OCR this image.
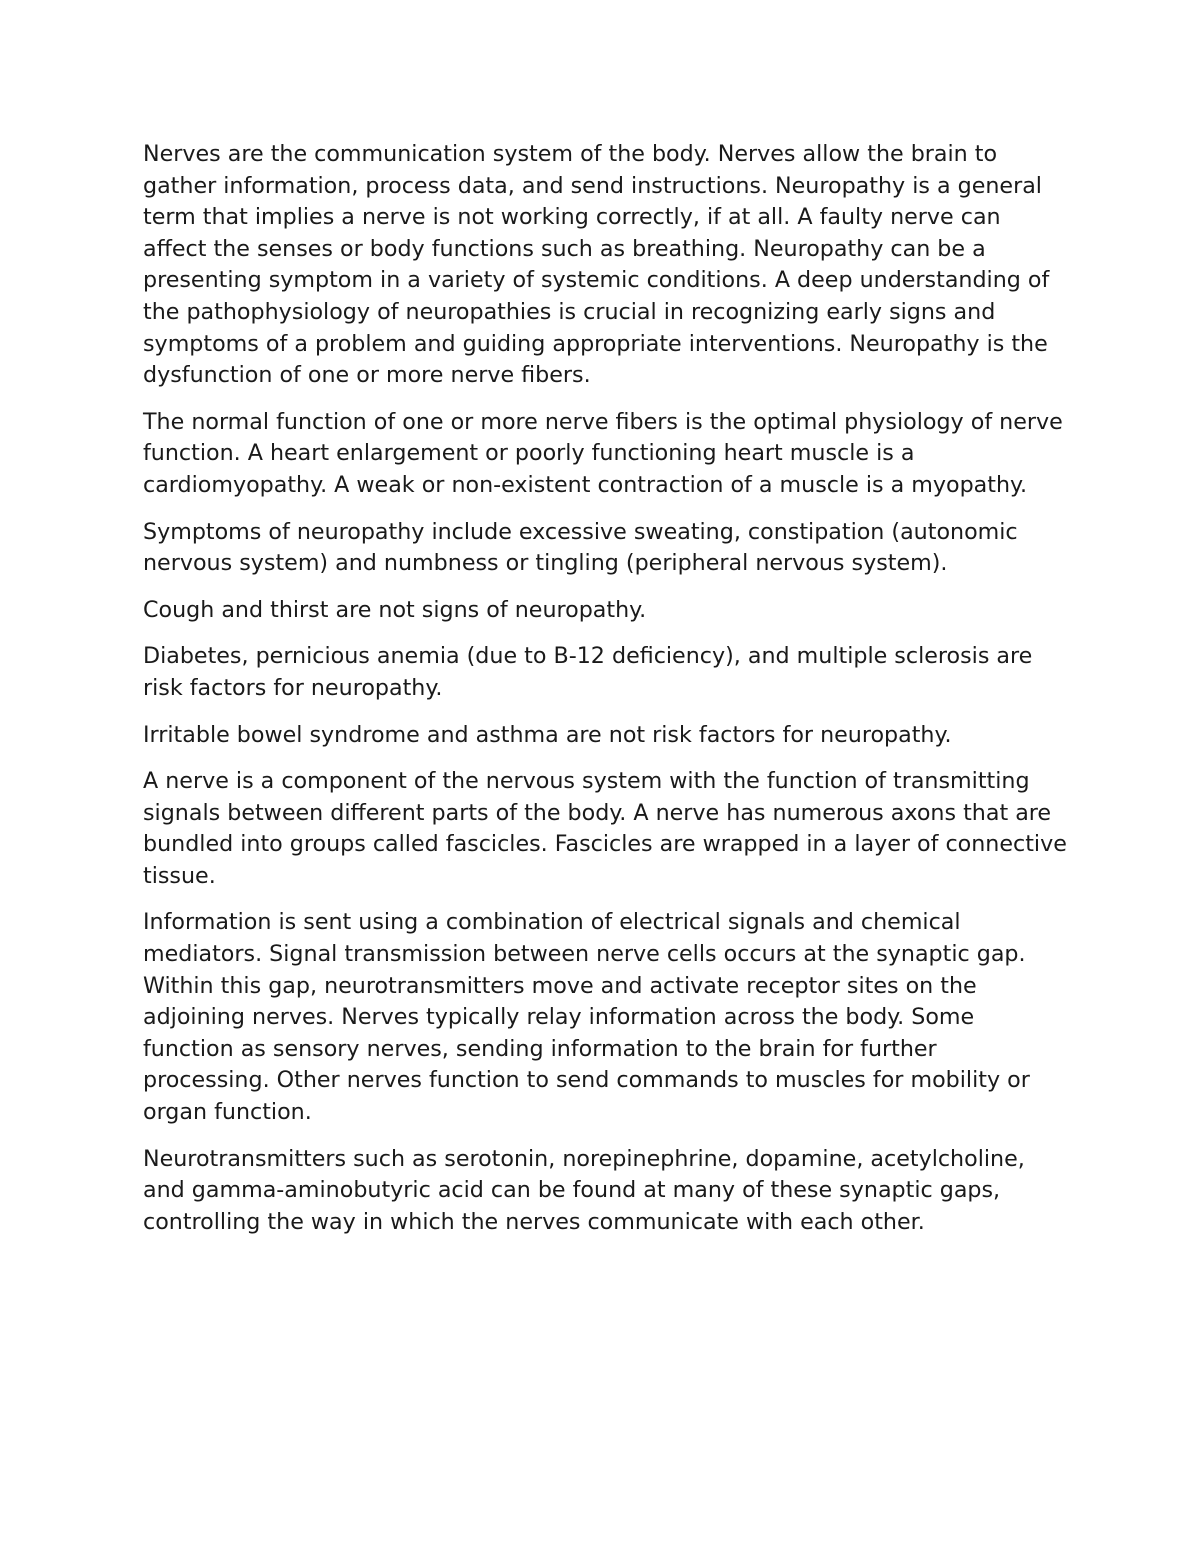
Nerves are the communication system of the body. Nerves allow the brain to gather information, process data, and send instructions. Neuropathy is a general term that implies a nerve is not working correctly, if at all. A faulty nerve can affect the senses or body functions such as breathing. Neuropathy can be a presenting symptom in a variety of systemic conditions. A deep understanding of the pathophysiology of neuropathies is crucial in recognizing early signs and symptoms of a problem and guiding appropriate interventions. Neuropathy is the dysfunction of one or more nerve fibers.

The normal function of one or more nerve fibers is the optimal physiology of nerve function. A heart enlargement or poorly functioning heart muscle is a cardiomyopathy. A weak or non-existent contraction of a muscle is a myopathy.

Symptoms of neuropathy include excessive sweating, constipation (autonomic nervous system) and numbness or tingling (peripheral nervous system).

Cough and thirst are not signs of neuropathy.

Diabetes, pernicious anemia (due to B-12 deficiency), and multiple sclerosis are risk factors for neuropathy.

Irritable bowel syndrome and asthma are not risk factors for neuropathy.

A nerve is a component of the nervous system with the function of transmitting signals between different parts of the body. A nerve has numerous axons that are bundled into groups called fascicles. Fascicles are wrapped in a layer of connective tissue.

Information is sent using a combination of electrical signals and chemical mediators. Signal transmission between nerve cells occurs at the synaptic gap. Within this gap, neurotransmitters move and activate receptor sites on the adjoining nerves. Nerves typically relay information across the body. Some function as sensory nerves, sending information to the brain for further processing. Other nerves function to send commands to muscles for mobility or organ function.

Neurotransmitters such as serotonin, norepinephrine, dopamine, acetylcholine, and gamma-aminobutyric acid can be found at many of these synaptic gaps, controlling the way in which the nerves communicate with each other.
